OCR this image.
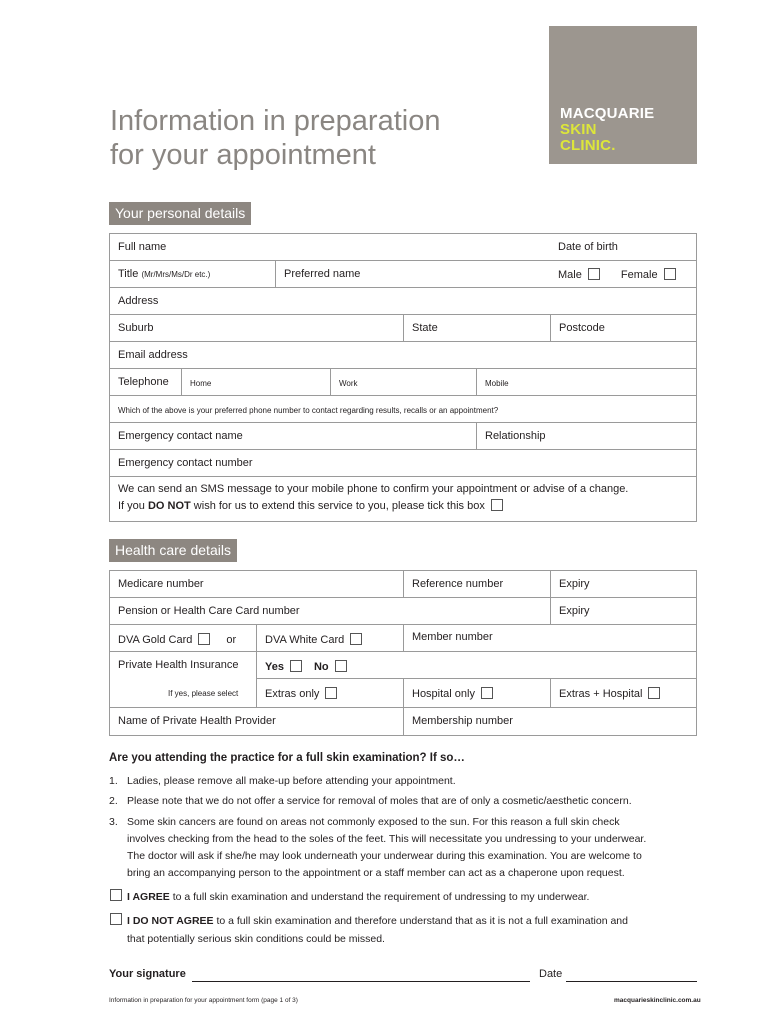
Information in preparation
for your appointment
MACQUARIE
SKIN
CLINIC.
Your personal details
Full name	Date of birth
Title (Mr/Mrs/Ms/Dr etc.)	Preferred name	Male	Female
Address
Suburb	State	Postcode
Email address
Telephone	Home	Work	Mobile
Which of the above is your preferred phone number to contact regarding results, recalls or an appointment?
Emergency contact name	Relationship
Emergency contact number
We can send an SMS message to your mobile phone to confirm your appointment or advise of a change.
If you DO NOT wish for us to extend this service to you, please tick this box
Health care details
Medicare number	Reference number	Expiry
Pension or Health Care Card number	Expiry
DVA Gold Card	or	DVA White Card	Member number
Private Health Insurance
If yes, please select
Yes	No
Extras only	Hospital only	Extras + Hospital
Name of Private Health Provider	Membership number
Are you attending the practice for a full skin examination? If so…
1. Ladies, please remove all make-up before attending your appointment.
2. Please note that we do not offer a service for removal of moles that are of only a cosmetic/aesthetic concern.
3. Some skin cancers are found on areas not commonly exposed to the sun. For this reason a full skin check
involves checking from the head to the soles of the feet. This will necessitate you undressing to your underwear.
The doctor will ask if she/he may look underneath your underwear during this examination. You are welcome to
bring an accompanying person to the appointment or a staff member can act as a chaperone upon request.
I AGREE to a full skin examination and understand the requirement of undressing to my underwear.
I DO NOT AGREE to a full skin examination and therefore understand that as it is not a full examination and
that potentially serious skin conditions could be missed.
Your signature	Date
Information in preparation for your appointment form (page 1 of 3)	macquarieskinclinic.com.au
